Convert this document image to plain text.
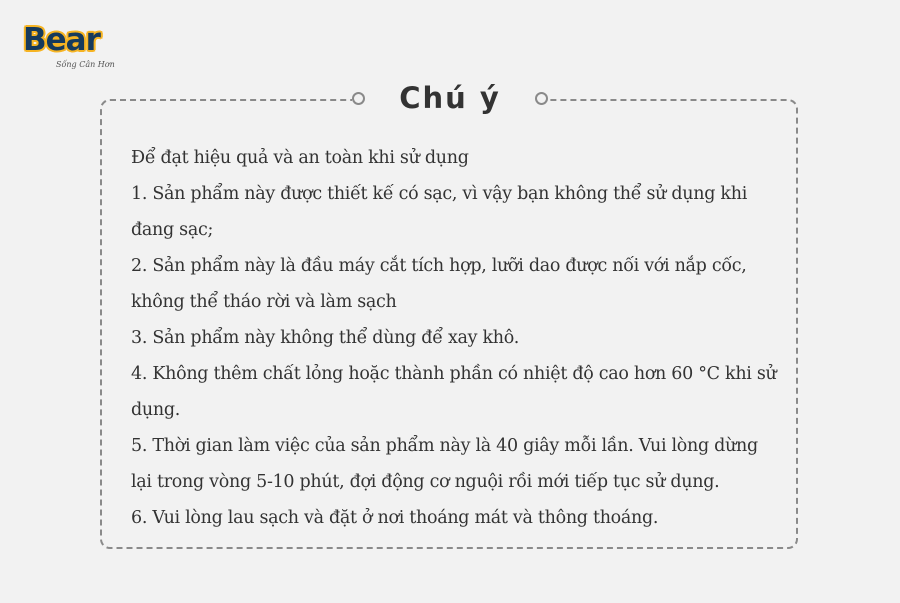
Bear
Sống Cân Hơn
Chú ý

Để đạt hiệu quả và an toàn khi sử dụng

1. Sản phẩm này được thiết kế có sạc, vì vậy bạn không thể sử dụng khi

đang sạc;

2. Sản phẩm này là đầu máy cắt tích hợp, lưỡi dao được nối với nắp cốc,

không thể tháo rời và làm sạch

3. Sản phẩm này không thể dùng để xay khô.

4. Không thêm chất lỏng hoặc thành phần có nhiệt độ cao hơn 60 °C khi sử

dụng.

5. Thời gian làm việc của sản phẩm này là 40 giây mỗi lần. Vui lòng dừng

lại trong vòng 5-10 phút, đợi động cơ nguội rồi mới tiếp tục sử dụng.

6. Vui lòng lau sạch và đặt ở nơi thoáng mát và thông thoáng.
